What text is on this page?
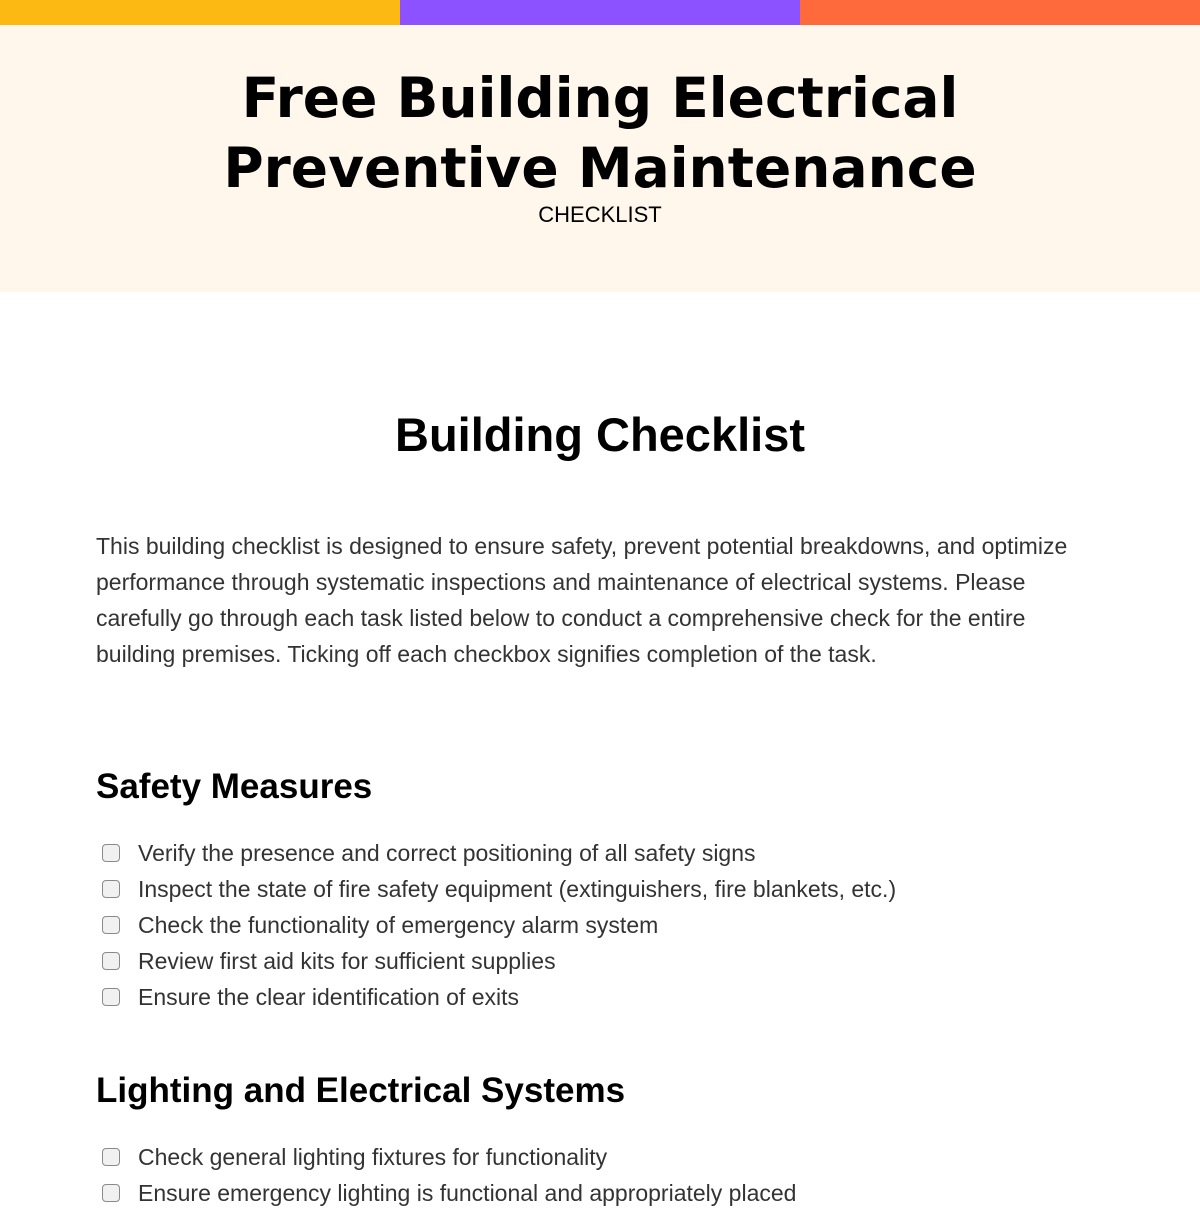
Free Building Electrical
Preventive Maintenance
CHECKLIST
Building Checklist

This building checklist is designed to ensure safety, prevent potential breakdowns, and optimize performance through systematic inspections and maintenance of electrical systems. Please carefully go through each task listed below to conduct a comprehensive check for the entire building premises. Ticking off each checkbox signifies completion of the task.

Safety Measures
Verify the presence and correct positioning of all safety signs
Inspect the state of fire safety equipment (extinguishers, fire blankets, etc.)
Check the functionality of emergency alarm system
Review first aid kits for sufficient supplies
Ensure the clear identification of exits
Lighting and Electrical Systems
Check general lighting fixtures for functionality
Ensure emergency lighting is functional and appropriately placed
